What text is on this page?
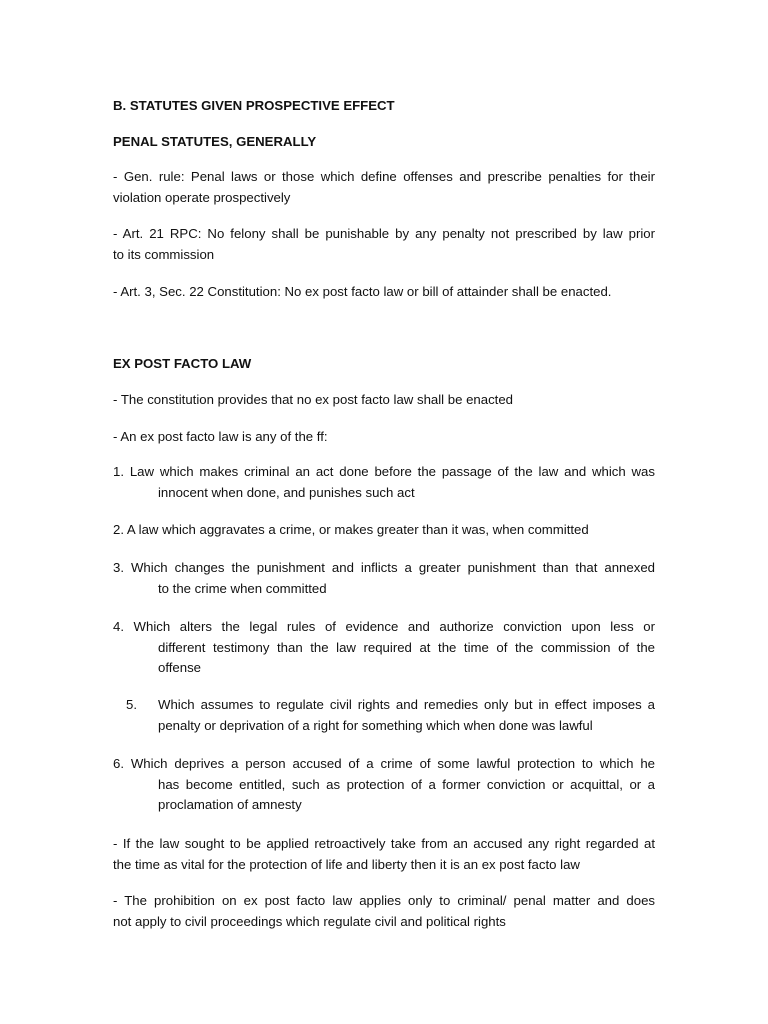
B. STATUTES GIVEN PROSPECTIVE EFFECT
PENAL STATUTES, GENERALLY
- Gen. rule: Penal laws or those which define offenses and prescribe penalties for their
violation operate prospectively
- Art. 21 RPC: No felony shall be punishable by any penalty not prescribed by law prior
to its commission
- Art. 3, Sec. 22 Constitution: No ex post facto law or bill of attainder shall be enacted.
EX POST FACTO LAW
- The constitution provides that no ex post facto law shall be enacted
- An ex post facto law is any of the ff:
1. Law which makes criminal an act done before the passage of the law and which was
innocent when done, and punishes such act
2. A law which aggravates a crime, or makes greater than it was, when committed
3. Which changes the punishment and inflicts a greater punishment than that annexed
to the crime when committed
4. Which alters the legal rules of evidence and authorize conviction upon less or
different testimony than the law required at the time of the commission of the
offense
5.	Which assumes to regulate civil rights and remedies only but in effect imposes a
penalty or deprivation of a right for something which when done was lawful
6. Which deprives a person accused of a crime of some lawful protection to which he
has become entitled, such as protection of a former conviction or acquittal, or a
proclamation of amnesty
- If the law sought to be applied retroactively take from an accused any right regarded at
the time as vital for the protection of life and liberty then it is an ex post facto law
- The prohibition on ex post facto law applies only to criminal/ penal matter and does
not apply to civil proceedings which regulate civil and political rights
